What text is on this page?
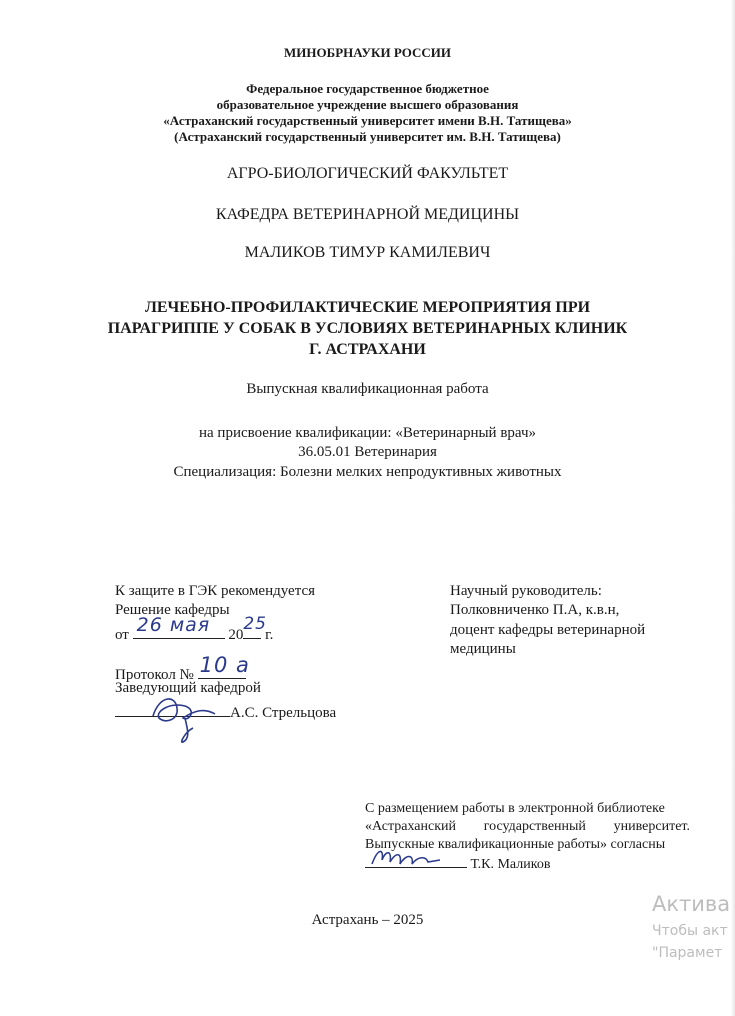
МИНОБРНАУКИ РОССИИ
Федеральное государственное бюджетное
образовательное учреждение высшего образования
«Астраханский государственный университет имени В.Н. Татищева»
(Астраханский государственный университет им. В.Н. Татищева)
АГРО-БИОЛОГИЧЕСКИЙ ФАКУЛЬТЕТ
КАФЕДРА ВЕТЕРИНАРНОЙ МЕДИЦИНЫ
МАЛИКОВ ТИМУР КАМИЛЕВИЧ
ЛЕЧЕБНО-ПРОФИЛАКТИЧЕСКИЕ МЕРОПРИЯТИЯ ПРИ
ПАРАГРИППЕ У СОБАК В УСЛОВИЯХ ВЕТЕРИНАРНЫХ КЛИНИК
Г. АСТРАХАНИ
Выпускная квалификационная работа
на присвоение квалификации: «Ветеринарный врач»
36.05.01 Ветеринария
Специализация: Болезни мелких непродуктивных животных
К защите в ГЭК рекомендуется
Решение кафедры
от 26 мая 20
25
г.
Протокол № 10 а
Заведующий кафедрой
А.С. Стрельцова
Научный руководитель:
Полковниченко П.А, к.в.н,
доцент кафедры ветеринарной
медицины
С размещением работы в электронной библиотеке
«Астраханский государственный университет.
Выпускные квалификационные работы» согласны
Т.К. Маликов
Астрахань – 2025
Актива
Чтобы акт
"Парамет
